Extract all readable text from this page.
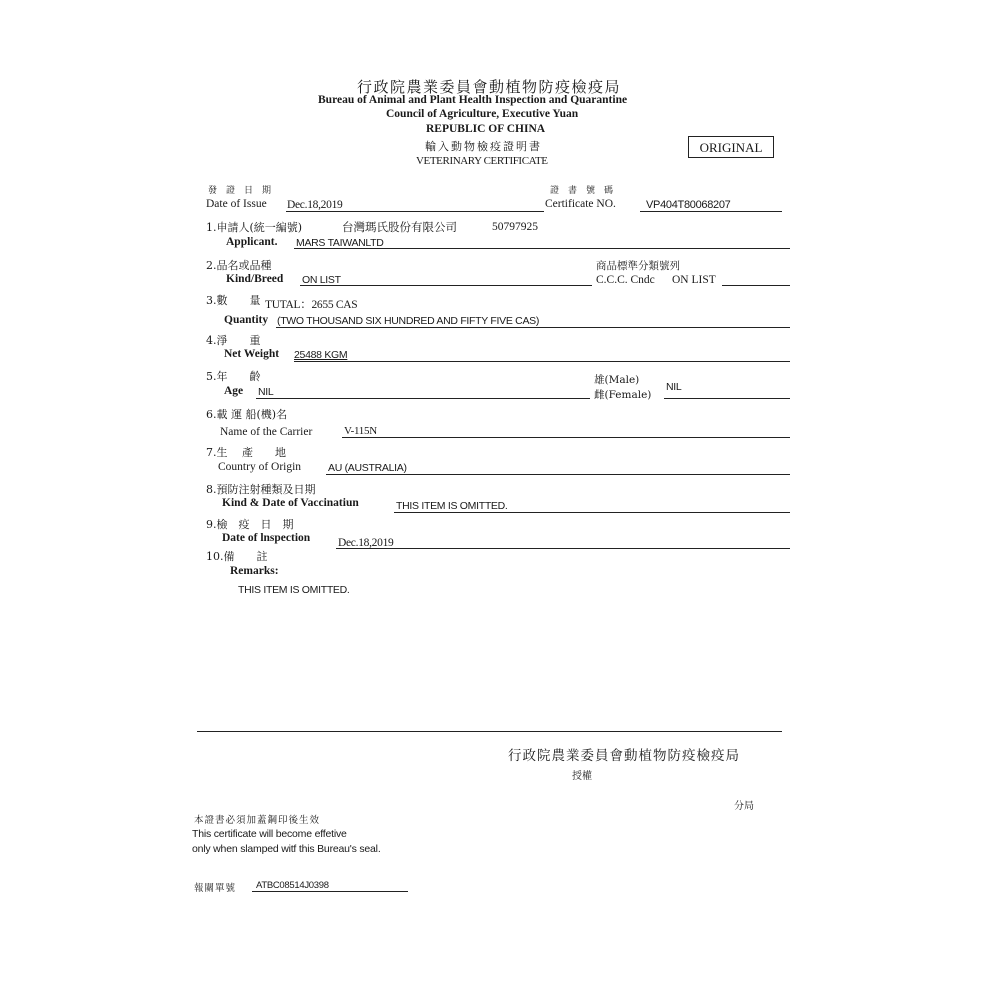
行政院農業委員會動植物防疫檢疫局
Bureau of Animal and Plant Health Inspection and Quarantine
Council of Agriculture, Executive Yuan
REPUBLIC OF CHINA
輸入動物檢疫證明書
VETERINARY CERTIFICATE
ORIGINAL
發證日期
Date of Issue Dec.18,2019
證書號碼
Certificate NO.	VP404T80068207
1.申請人(統一編號)	台灣瑪氏股份有限公司	50797925
Applicant. MARS TAIWANLTD
2.品名或品種
Kind/Breed ON LIST
商品標準分類號列
C.C.C. Cndc ON LIST
3.數　　量 TUTAL：2655 CAS
Quantity (TWO THOUSAND SIX HUNDRED AND FIFTY FIVE CAS)
4.淨　　重
Net Weight 25488 KGM
5.年　　齡
Age NIL
雄(Male)
雌(Female)
NIL
6.載 運 船(機)名
Name of the Carrier	V-115N
7.生　 產　　地
Country of Origin	AU (AUSTRALIA)
8.預防注射種類及日期
Kind & Date of Vaccinatiun	THIS ITEM IS OMITTED.
9.檢　疫　日　期
Date of lnspection Dec.18,2019
10.備　　註
Remarks:
THIS ITEM IS OMITTED.
行政院農業委員會動植物防疫檢疫局
授權
分局
本證書必須加蓋鋼印後生效
This certificate will become effetive
only when slamped witf this Bureau's seal.
報關單號 ATBC08514J0398
